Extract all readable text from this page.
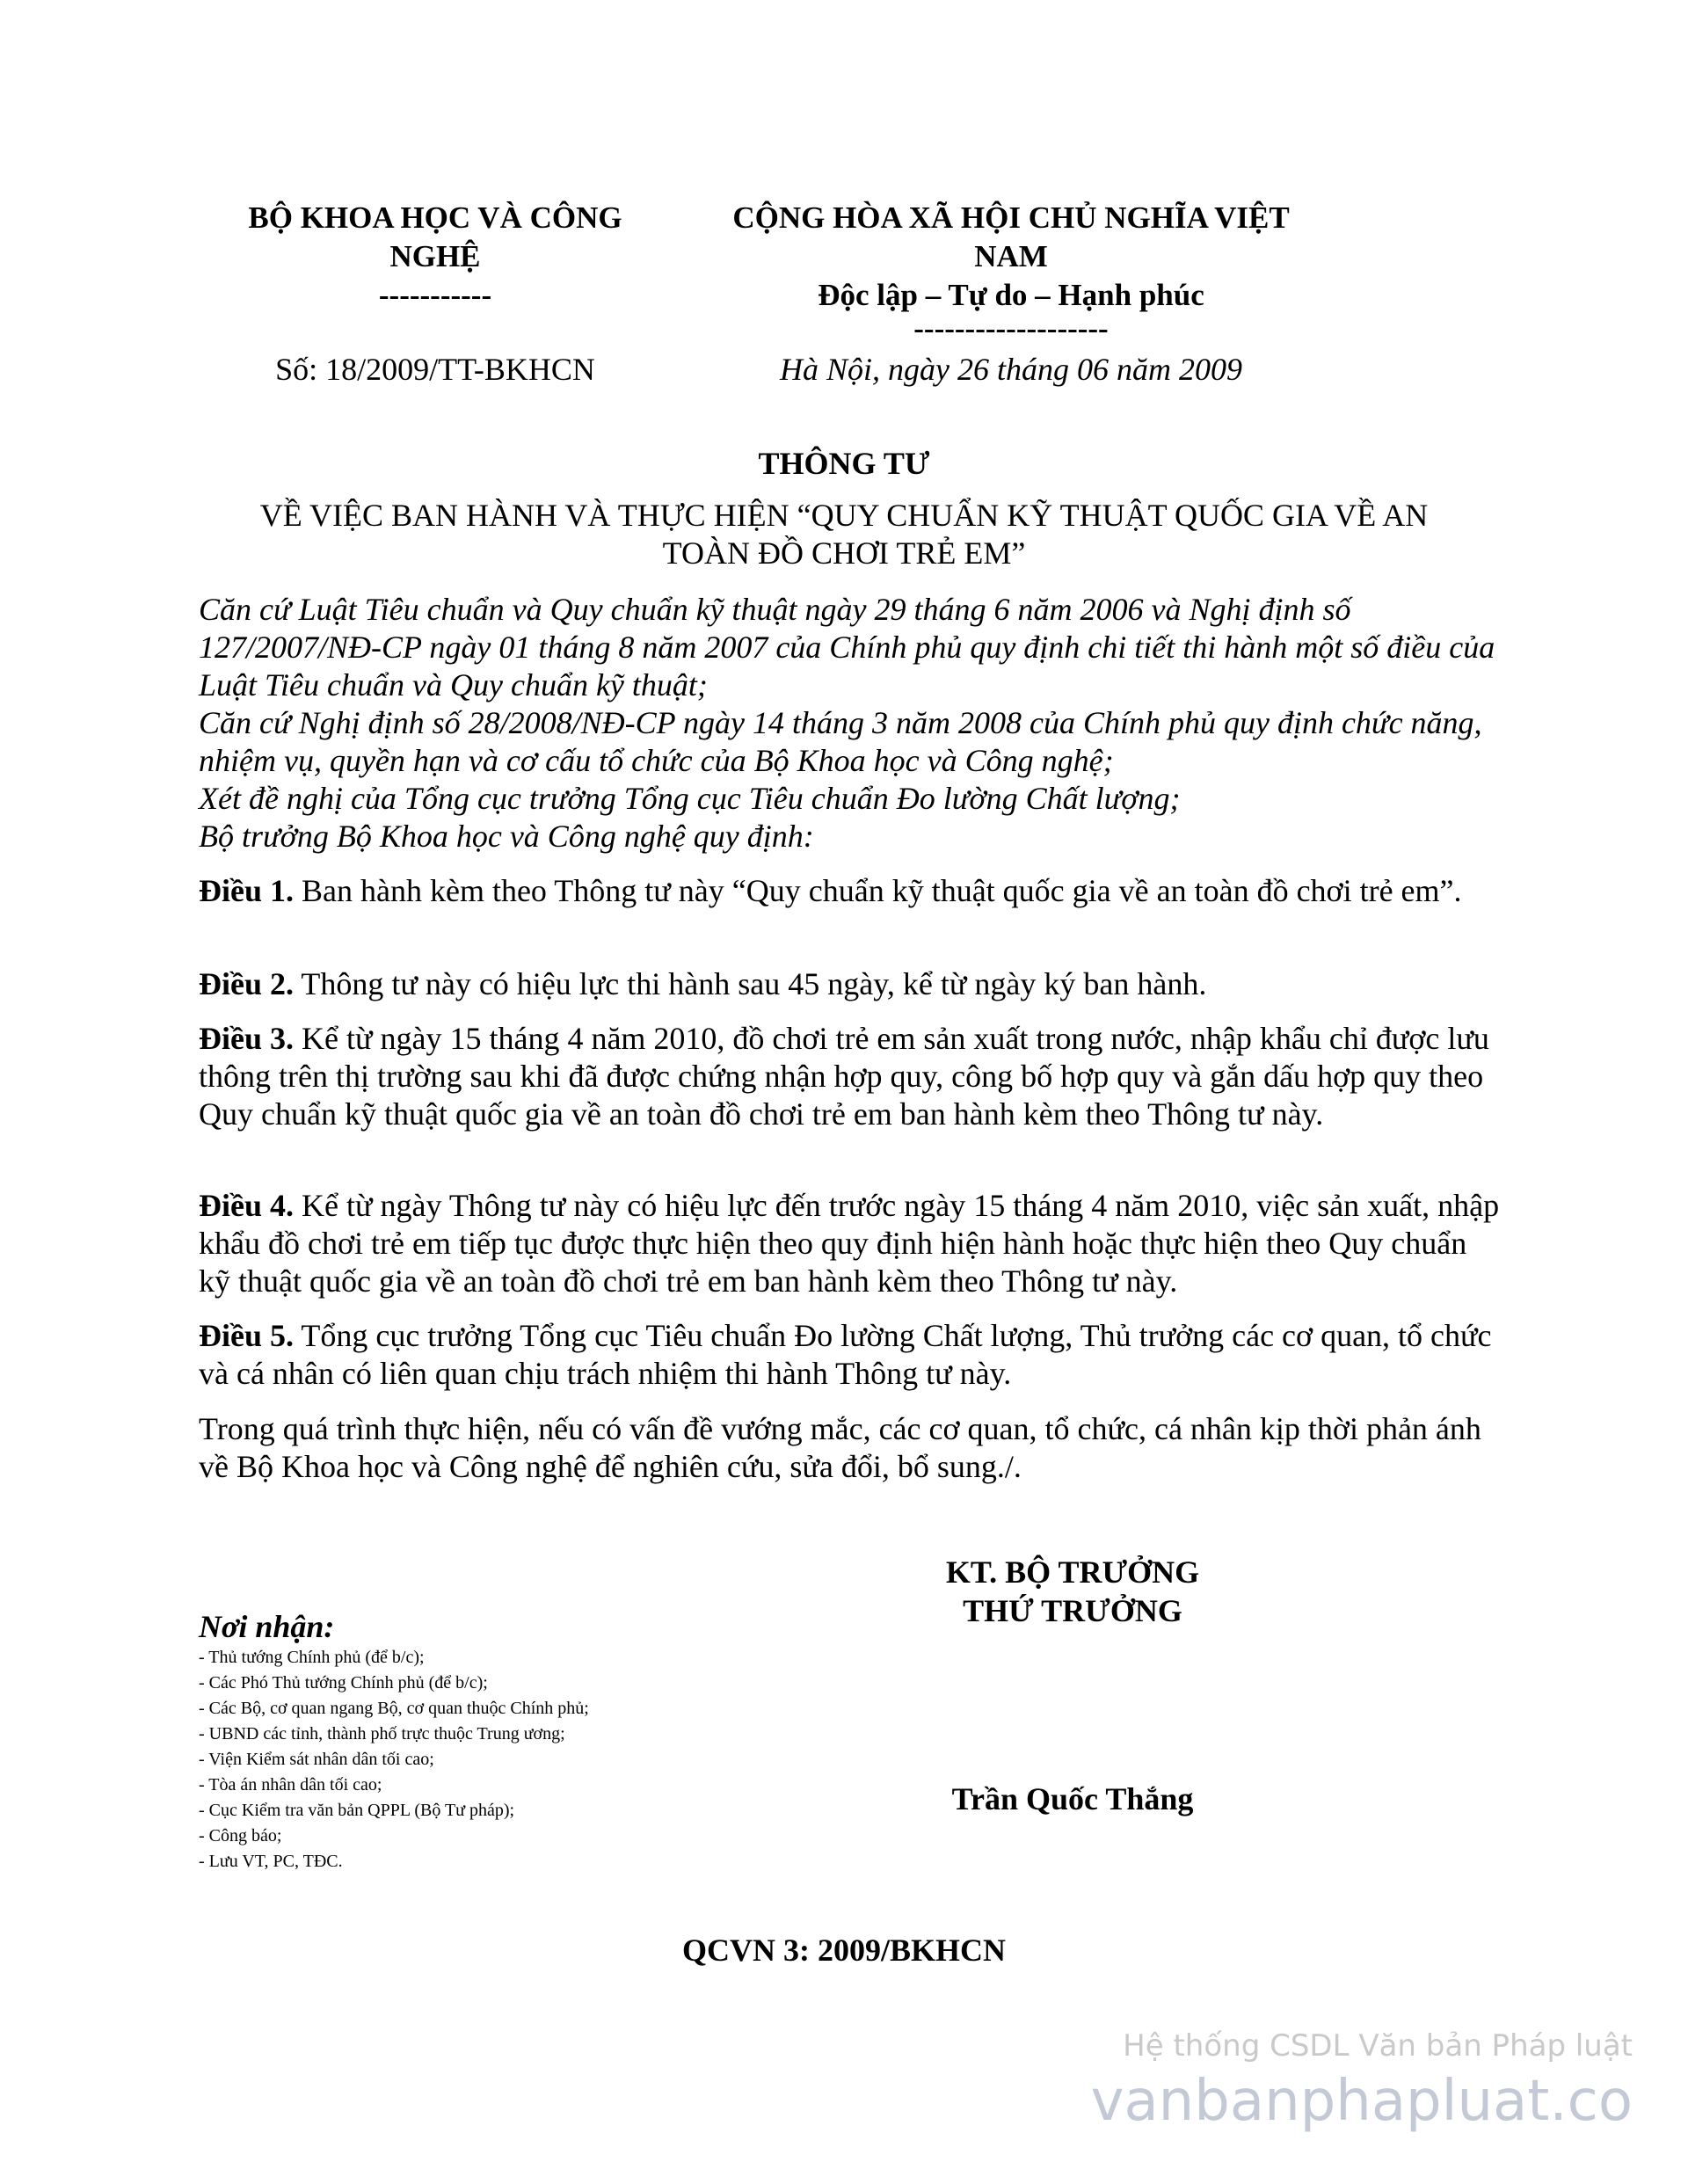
BỘ KHOA HỌC VÀ CÔNG
NGHỆ
-----------
CỘNG HÒA XÃ HỘI CHỦ NGHĨA VIỆT
NAM
Độc lập – Tự do – Hạnh phúc
-------------------
Số: 18/2009/TT-BKHCN	Hà Nội, ngày 26 tháng 06 năm 2009
THÔNG TƯ
VỀ VIỆC BAN HÀNH VÀ THỰC HIỆN “QUY CHUẨN KỸ THUẬT QUỐC GIA VỀ AN
TOÀN ĐỒ CHƠI TRẺ EM”

Căn cứ Luật Tiêu chuẩn và Quy chuẩn kỹ thuật ngày 29 tháng 6 năm 2006 và Nghị định số 127/2007/NĐ-CP ngày 01 tháng 8 năm 2007 của Chính phủ quy định chi tiết thi hành một số điều của Luật Tiêu chuẩn và Quy chuẩn kỹ thuật;

Căn cứ Nghị định số 28/2008/NĐ-CP ngày 14 tháng 3 năm 2008 của Chính phủ quy định chức năng, nhiệm vụ, quyền hạn và cơ cấu tổ chức của Bộ Khoa học và Công nghệ;

Xét đề nghị của Tổng cục trưởng Tổng cục Tiêu chuẩn Đo lường Chất lượng;

Bộ trưởng Bộ Khoa học và Công nghệ quy định:

Điều 1. Ban hành kèm theo Thông tư này “Quy chuẩn kỹ thuật quốc gia về an toàn đồ chơi trẻ em”.

Điều 2. Thông tư này có hiệu lực thi hành sau 45 ngày, kể từ ngày ký ban hành.

Điều 3. Kể từ ngày 15 tháng 4 năm 2010, đồ chơi trẻ em sản xuất trong nước, nhập khẩu chỉ được lưu thông trên thị trường sau khi đã được chứng nhận hợp quy, công bố hợp quy và gắn dấu hợp quy theo Quy chuẩn kỹ thuật quốc gia về an toàn đồ chơi trẻ em ban hành kèm theo Thông tư này.

Điều 4. Kể từ ngày Thông tư này có hiệu lực đến trước ngày 15 tháng 4 năm 2010, việc sản xuất, nhập khẩu đồ chơi trẻ em tiếp tục được thực hiện theo quy định hiện hành hoặc thực hiện theo Quy chuẩn kỹ thuật quốc gia về an toàn đồ chơi trẻ em ban hành kèm theo Thông tư này.

Điều 5. Tổng cục trưởng Tổng cục Tiêu chuẩn Đo lường Chất lượng, Thủ trưởng các cơ quan, tổ chức và cá nhân có liên quan chịu trách nhiệm thi hành Thông tư này.

Trong quá trình thực hiện, nếu có vấn đề vướng mắc, các cơ quan, tổ chức, cá nhân kịp thời phản ánh về Bộ Khoa học và Công nghệ để nghiên cứu, sửa đổi, bổ sung./.

KT. BỘ TRƯỞNG
THỨ TRƯỞNG
Trần Quốc Thắng
Nơi nhận:
- Thủ tướng Chính phủ (để b/c);
- Các Phó Thủ tướng Chính phủ (để b/c);
- Các Bộ, cơ quan ngang Bộ, cơ quan thuộc Chính phủ;
- UBND các tỉnh, thành phố trực thuộc Trung ương;
- Viện Kiểm sát nhân dân tối cao;
- Tòa án nhân dân tối cao;
- Cục Kiểm tra văn bản QPPL (Bộ Tư pháp);
- Công báo;
- Lưu VT, PC, TĐC.
QCVN 3: 2009/BKHCN
Hệ thống CSDL Văn bản Pháp luật
vanbanphapluat.co
